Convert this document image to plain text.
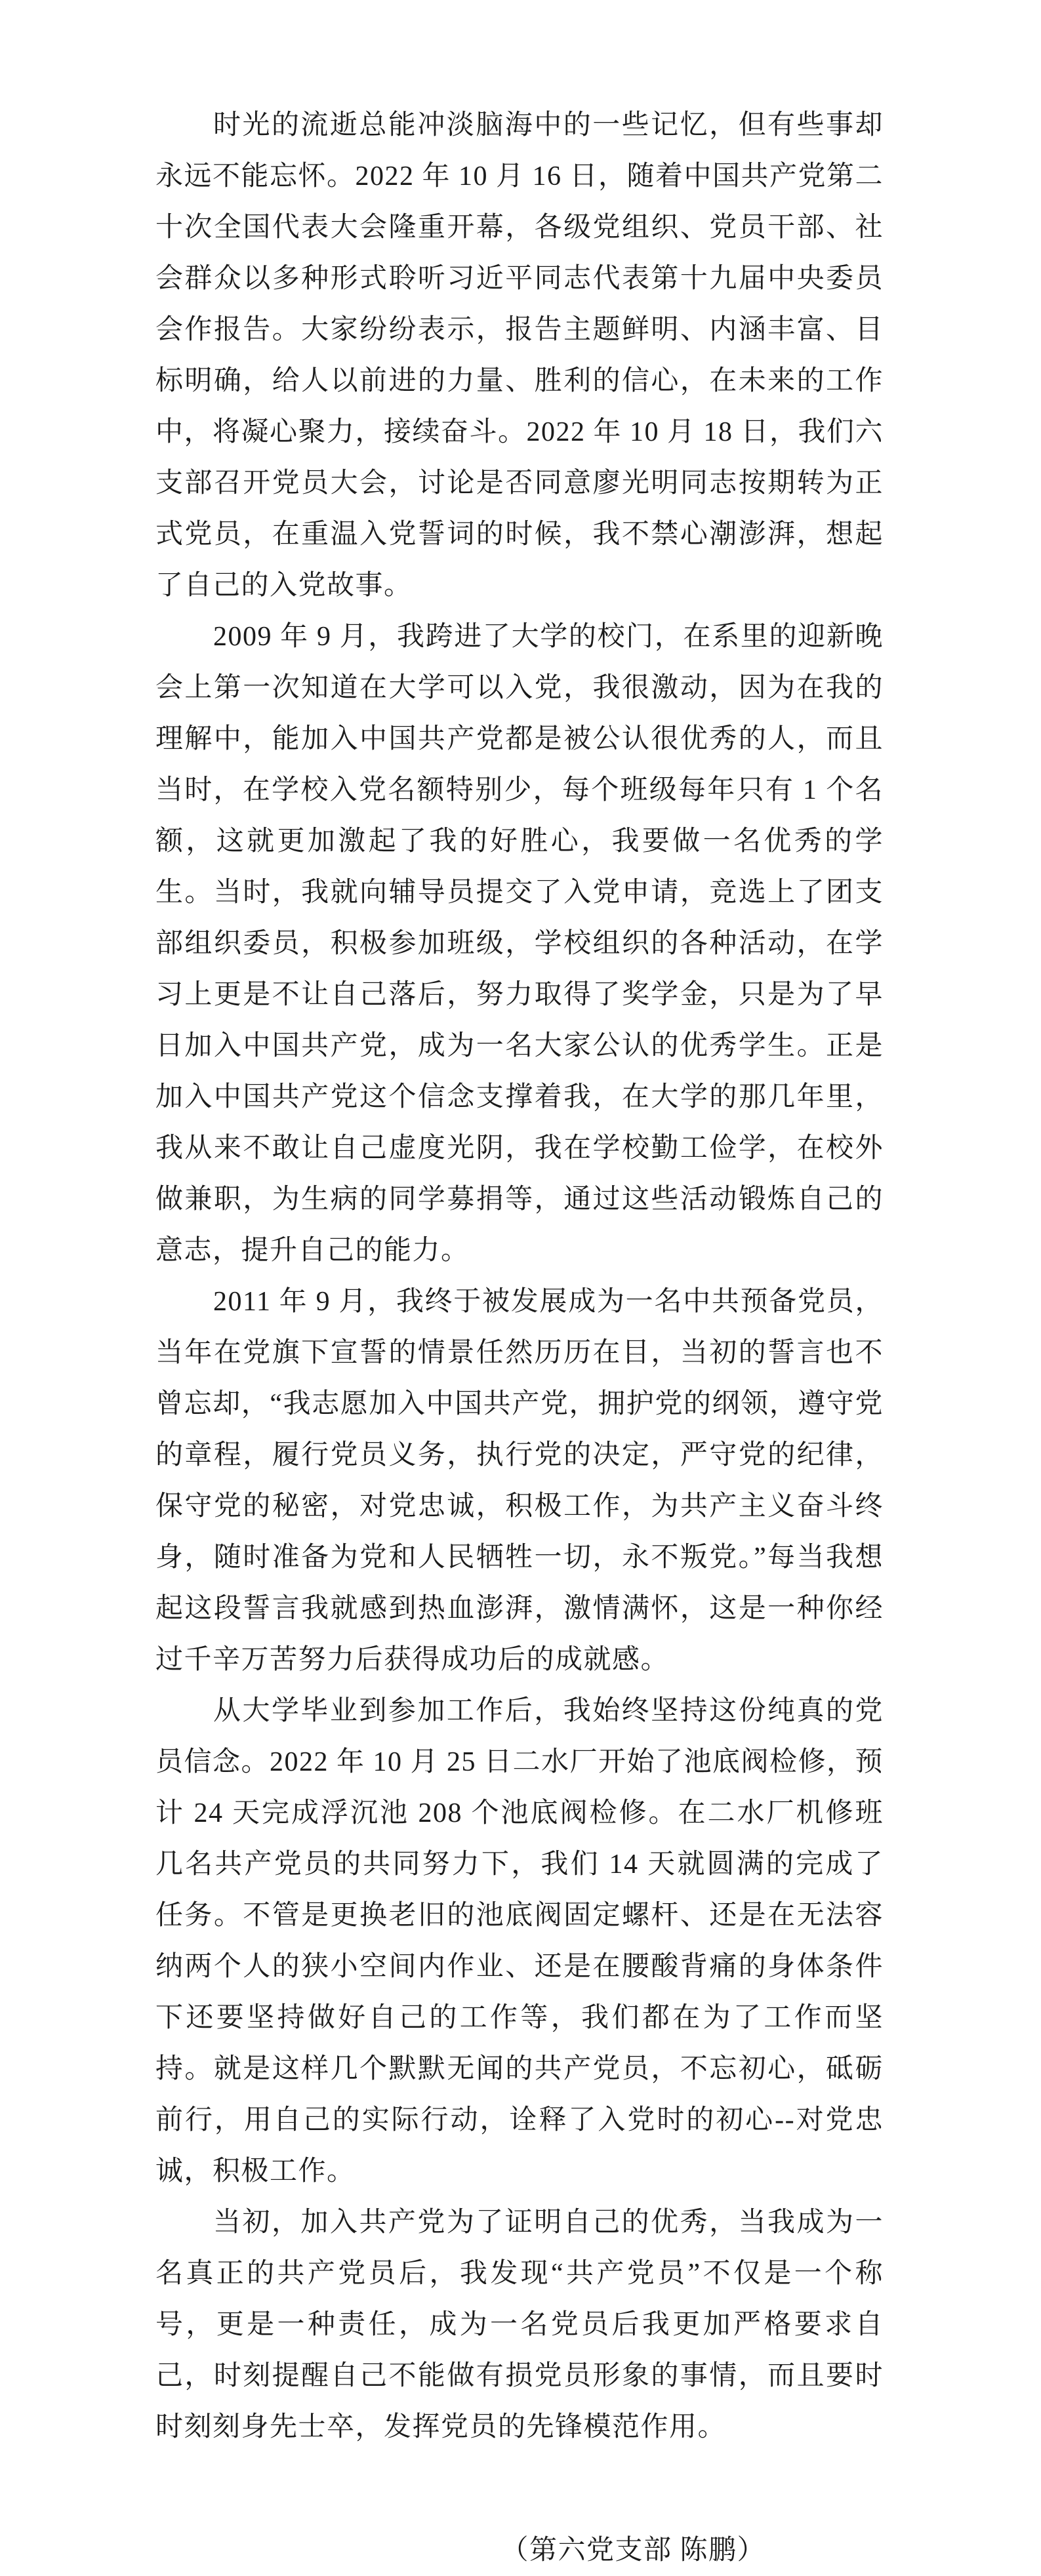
时光的流逝总能冲淡脑海中的一些记忆，但有些事却永远不能忘怀。2022 年 10 月 16 日，随着中国共产党第二十次全国代表大会隆重开幕，各级党组织、党员干部、社会群众以多种形式聆听习近平同志代表第十九届中央委员会作报告。大家纷纷表示，报告主题鲜明、内涵丰富、目标明确，给人以前进的力量、胜利的信心，在未来的工作中，将凝心聚力，接续奋斗。2022 年 10 月 18 日，我们六支部召开党员大会，讨论是否同意廖光明同志按期转为正式党员，在重温入党誓词的时候，我不禁心潮澎湃，想起了自己的入党故事。

2009 年 9 月，我跨进了大学的校门，在系里的迎新晚会上第一次知道在大学可以入党，我很激动，因为在我的理解中，能加入中国共产党都是被公认很优秀的人，而且当时，在学校入党名额特别少，每个班级每年只有 1 个名额，这就更加激起了我的好胜心，我要做一名优秀的学生。当时，我就向辅导员提交了入党申请，竞选上了团支部组织委员，积极参加班级，学校组织的各种活动，在学习上更是不让自己落后，努力取得了奖学金，只是为了早日加入中国共产党，成为一名大家公认的优秀学生。正是加入中国共产党这个信念支撑着我，在大学的那几年里，我从来不敢让自己虚度光阴，我在学校勤工俭学，在校外做兼职，为生病的同学募捐等，通过这些活动锻炼自己的意志，提升自己的能力。

2011 年 9 月，我终于被发展成为一名中共预备党员，当年在党旗下宣誓的情景任然历历在目，当初的誓言也不曾忘却，“我志愿加入中国共产党，拥护党的纲领，遵守党的章程，履行党员义务，执行党的决定，严守党的纪律，保守党的秘密，对党忠诚，积极工作，为共产主义奋斗终身，随时准备为党和人民牺牲一切，永不叛党。”每当我想起这段誓言我就感到热血澎湃，激情满怀，这是一种你经过千辛万苦努力后获得成功后的成就感。

从大学毕业到参加工作后，我始终坚持这份纯真的党员信念。2022 年 10 月 25 日二水厂开始了池底阀检修，预计 24 天完成浮沉池 208 个池底阀检修。在二水厂机修班几名共产党员的共同努力下，我们 14 天就圆满的完成了任务。不管是更换老旧的池底阀固定螺杆、还是在无法容纳两个人的狭小空间内作业、还是在腰酸背痛的身体条件下还要坚持做好自己的工作等，我们都在为了工作而坚持。就是这样几个默默无闻的共产党员，不忘初心，砥砺前行，用自己的实际行动，诠释了入党时的初心--对党忠诚，积极工作。

当初，加入共产党为了证明自己的优秀，当我成为一名真正的共产党员后，我发现“共产党员”不仅是一个称号，更是一种责任，成为一名党员后我更加严格要求自己，时刻提醒自己不能做有损党员形象的事情，而且要时时刻刻身先士卒，发挥党员的先锋模范作用。

（第六党支部 陈鹏）
